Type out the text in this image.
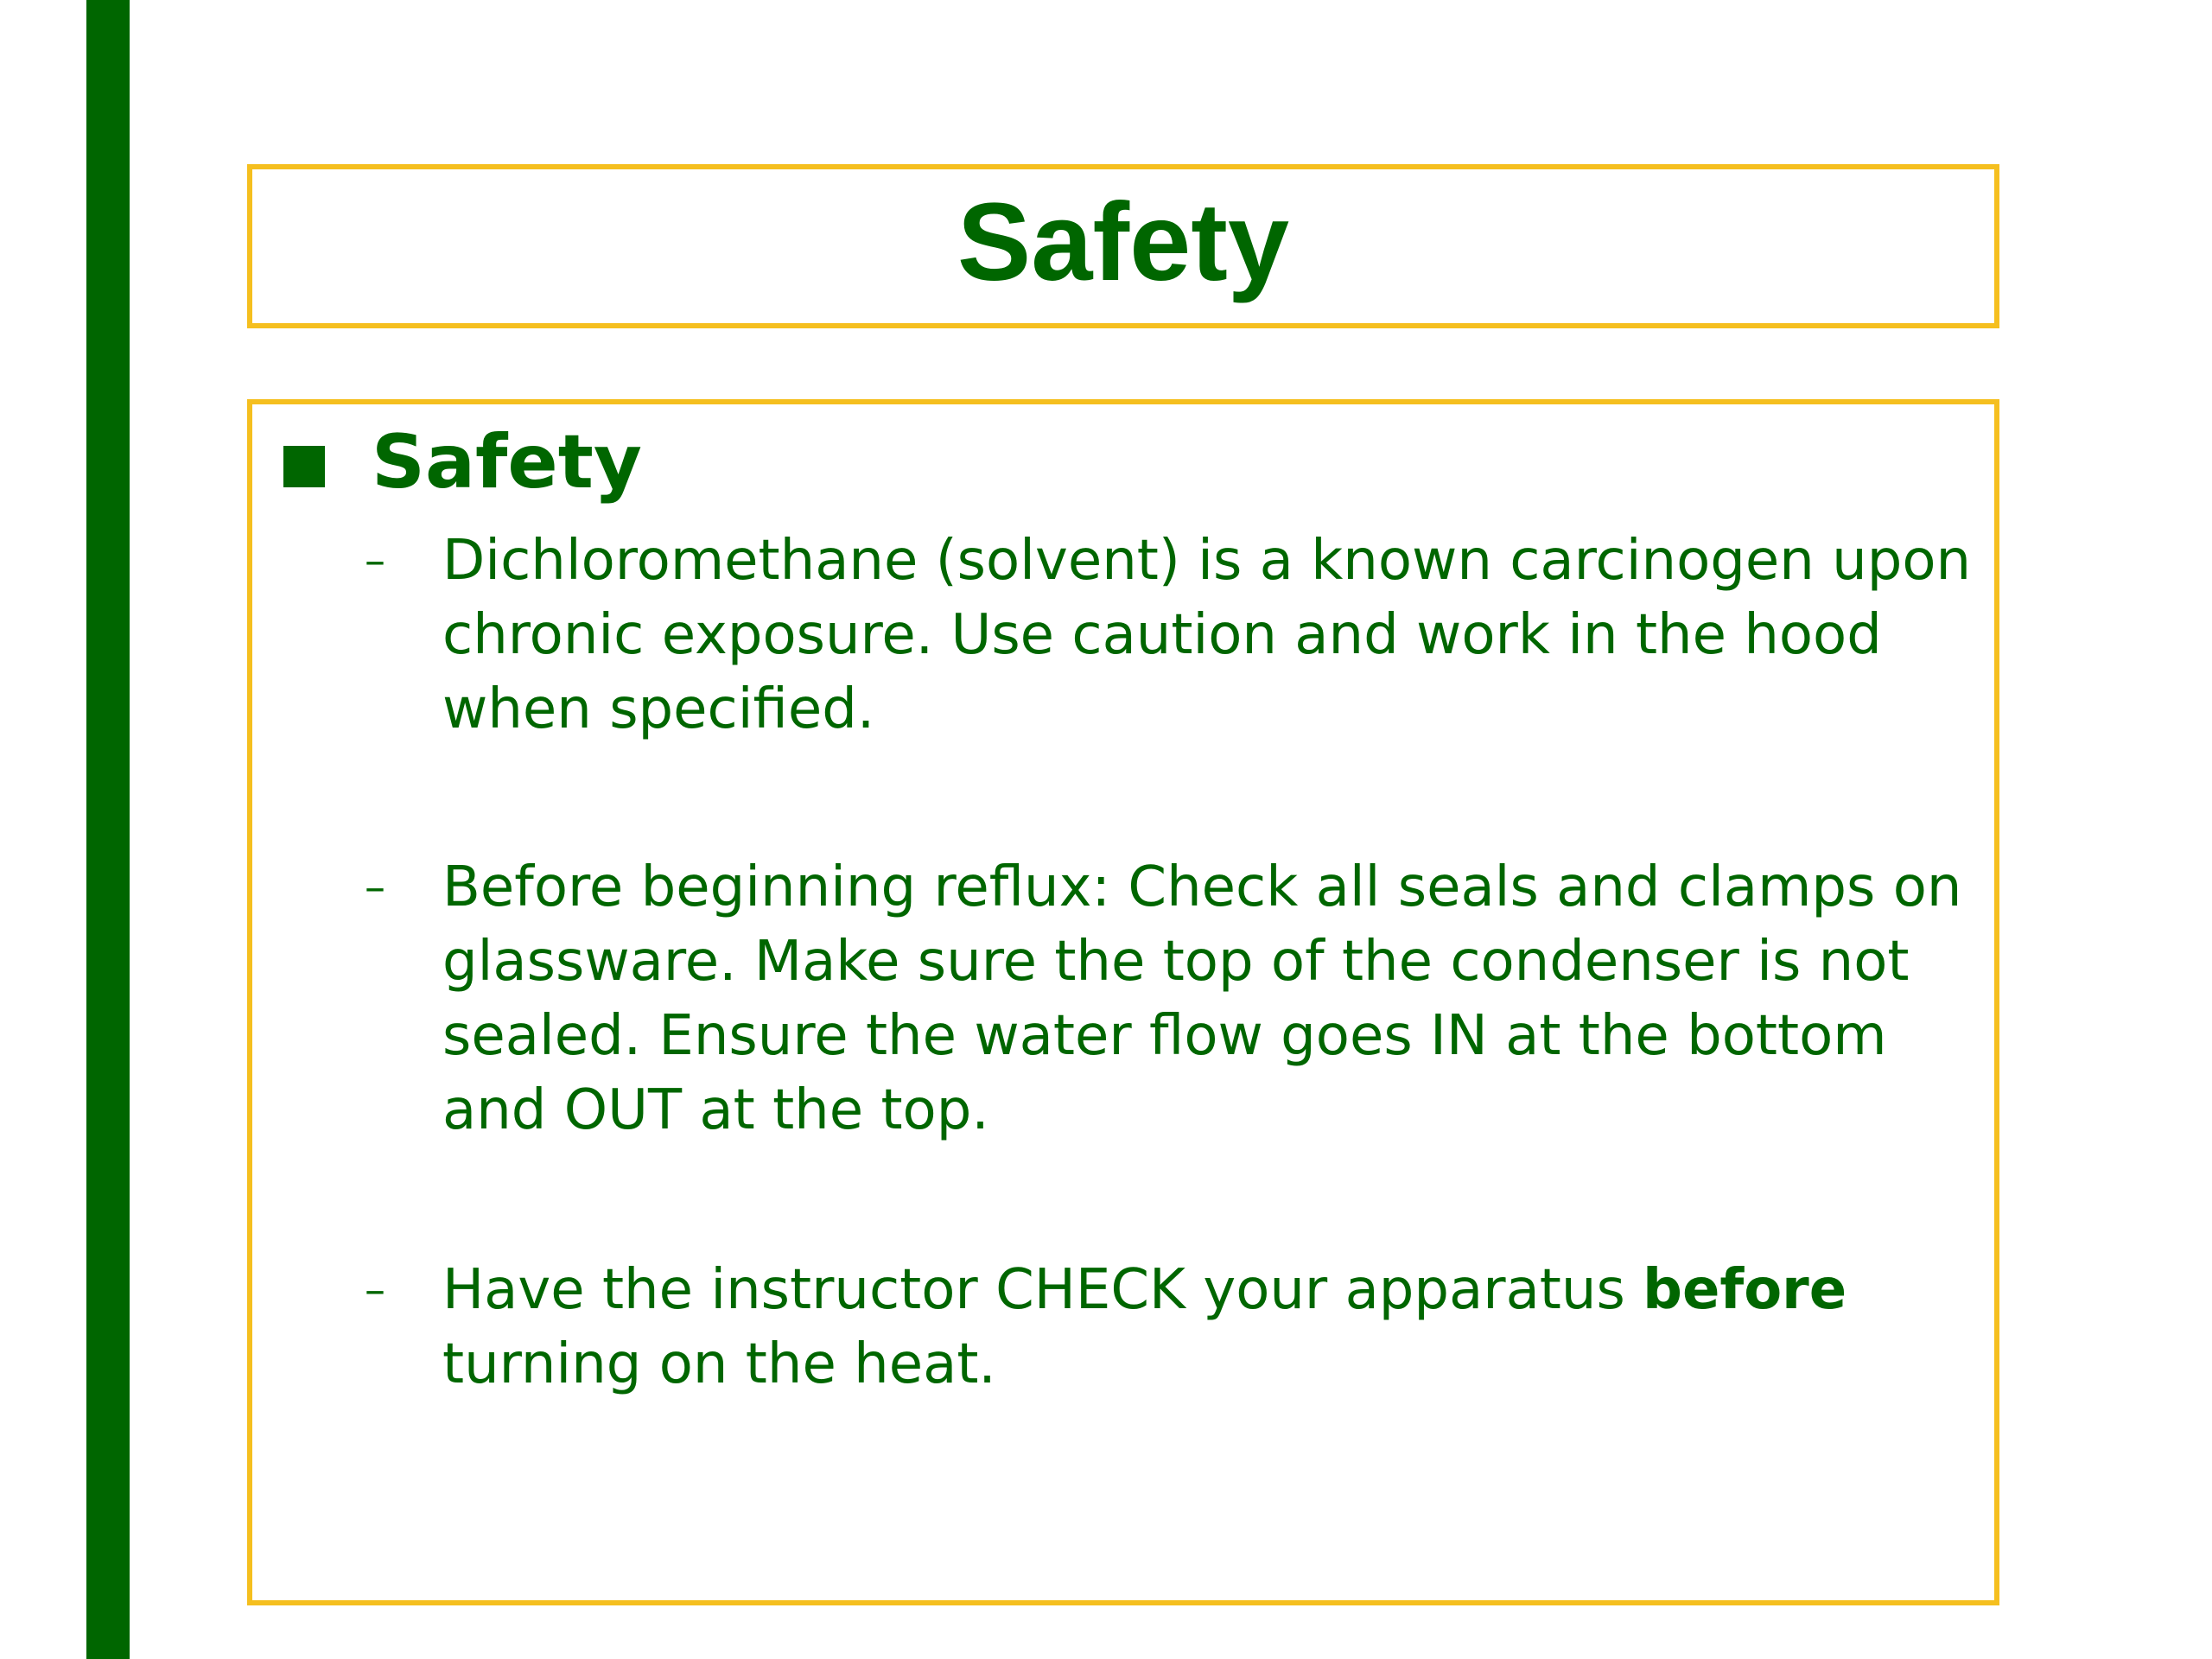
Safety
Safety
–	Dichloromethane (solvent) is a known carcinogen upon chronic exposure. Use caution and work in the hood when specified.
–	Before beginning reflux: Check all seals and clamps on glassware. Make sure the top of the condenser is not sealed. Ensure the water flow goes IN at the bottom and OUT at the top.
–	Have the instructor CHECK your apparatus before turning on the heat.
